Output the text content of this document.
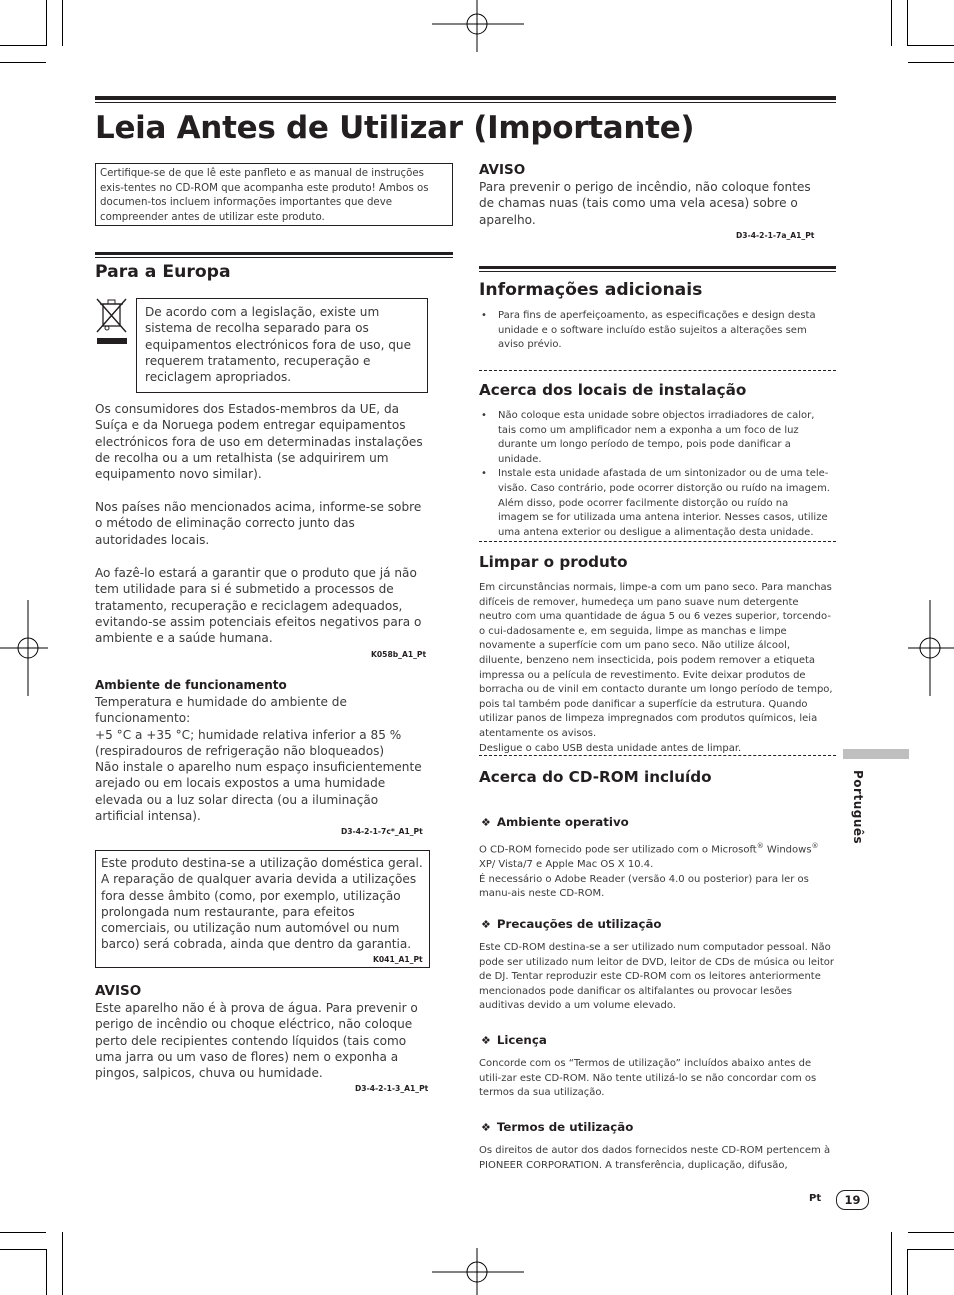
Leia Antes de Utilizar (Importante)
Certifique-se de que lê este panfleto e as manual de instruções exis-tentes no CD-ROM que acompanha este produto! Ambos os documen-tos incluem informações importantes que deve compreender antes de utilizar este produto.
Para a Europa
De acordo com a legislação, existe um sistema de recolha separado para os equipamentos electrónicos fora de uso, que requerem tratamento, recuperação e reciclagem apropriados.

Os consumidores dos Estados-membros da UE, da Suíça e da Noruega podem entregar equipamentos electrónicos fora de uso em determinadas instalações de recolha ou a um retalhista (se adquirirem um equipamento novo similar).

Nos países não mencionados acima, informe-se sobre o método de eliminação correcto junto das autoridades locais.

Ao fazê-lo estará a garantir que o produto que já não tem utilidade para si é submetido a processos de tratamento, recuperação e reciclagem adequados, evitando-se assim potenciais efeitos negativos para o ambiente e a saúde humana.

K058b_A1_Pt
Ambiente de funcionamento

Temperatura e humidade do ambiente de funcionamento:
+5 °C a +35 °C; humidade relativa inferior a 85 % (respiradouros de refrigeração não bloqueados)
Não instale o aparelho num espaço insuficientemente arejado ou em locais expostos a uma humidade elevada ou a luz solar directa (ou a iluminação artificial intensa).

D3-4-2-1-7c*_A1_Pt
Este produto destina-se a utilização doméstica geral. A reparação de qualquer avaria devida a utilizações fora desse âmbito (como, por exemplo, utilização prolongada num restaurante, para efeitos comerciais, ou utilização num automóvel ou num barco) será cobrada, ainda que dentro da garantia.
K041_A1_Pt
AVISO

Este aparelho não é à prova de água. Para prevenir o perigo de incêndio ou choque eléctrico, não coloque perto dele recipientes contendo líquidos (tais como uma jarra ou um vaso de flores) nem o exponha a pingos, salpicos, chuva ou humidade.

D3-4-2-1-3_A1_Pt
AVISO

Para prevenir o perigo de incêndio, não coloque fontes de chamas nuas (tais como uma vela acesa) sobre o aparelho.

D3-4-2-1-7a_A1_Pt
Informações adicionais
• Para fins de aperfeiçoamento, as especificações e design desta unidade e o software incluído estão sujeitos a alterações sem aviso prévio.
Acerca dos locais de instalação
• Não coloque esta unidade sobre objectos irradiadores de calor, tais como um amplificador nem a exponha a um foco de luz durante um longo período de tempo, pois pode danificar a unidade.
• Instale esta unidade afastada de um sintonizador ou de uma tele-visão. Caso contrário, pode ocorrer distorção ou ruído na imagem. Além disso, pode ocorrer facilmente distorção ou ruído na imagem se for utilizada uma antena interior. Nesses casos, utilize uma antena exterior ou desligue a alimentação desta unidade.
Limpar o produto

Em circunstâncias normais, limpe-a com um pano seco. Para manchas difíceis de remover, humedeça um pano suave num detergente neutro com uma quantidade de água 5 ou 6 vezes superior, torcendo-o cui-dadosamente e, em seguida, limpe as manchas e limpe novamente a superfície com um pano seco. Não utilize álcool, diluente, benzeno nem insecticida, pois podem remover a etiqueta impressa ou a película de revestimento. Evite deixar produtos de borracha ou de vinil em contacto durante um longo período de tempo, pois tal também pode danificar a superfície da estrutura. Quando utilizar panos de limpeza impregnados com produtos químicos, leia atentamente os avisos.
Desligue o cabo USB desta unidade antes de limpar.

Acerca do CD-ROM incluído
❖ Ambiente operativo

O CD-ROM fornecido pode ser utilizado com o Microsoft® Windows® XP/ Vista/7 e Apple Mac OS X 10.4.
É necessário o Adobe Reader (versão 4.0 ou posterior) para ler os manu-ais neste CD-ROM.

❖ Precauções de utilização

Este CD-ROM destina-se a ser utilizado num computador pessoal. Não pode ser utilizado num leitor de DVD, leitor de CDs de música ou leitor de DJ. Tentar reproduzir este CD-ROM com os leitores anteriormente mencionados pode danificar os altifalantes ou provocar lesões auditivas devido a um volume elevado.

❖ Licença

Concorde com os “Termos de utilização” incluídos abaixo antes de utili-zar este CD-ROM. Não tente utilizá-lo se não concordar com os termos da sua utilização.

❖ Termos de utilização

Os direitos de autor dos dados fornecidos neste CD-ROM pertencem à PIONEER CORPORATION. A transferência, duplicação, difusão,

Português
Pt	19
